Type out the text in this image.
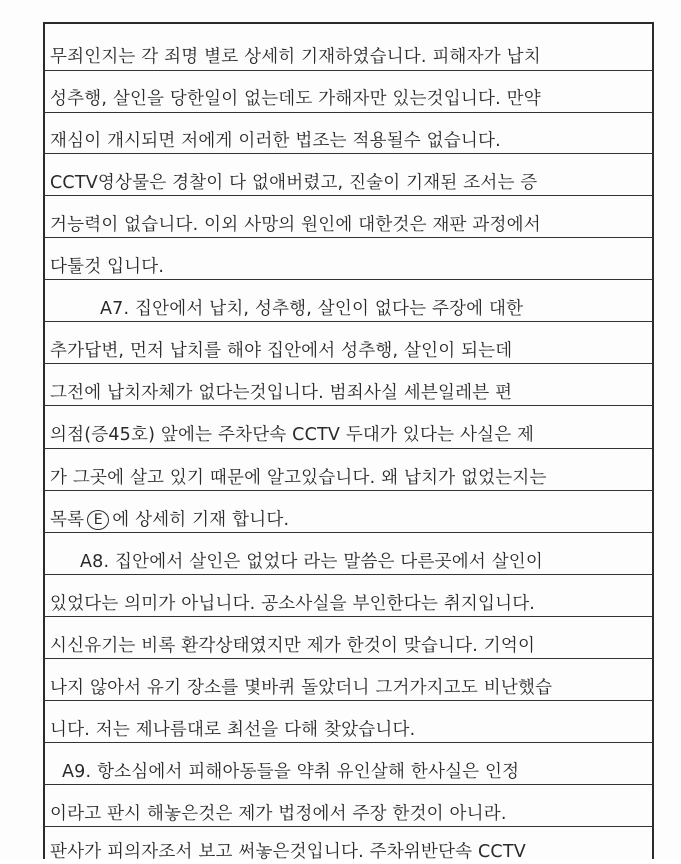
무죄인지는 각 죄명 별로 상세히 기재하였습니다. 피해자가 납치
성추행, 살인을 당한일이 없는데도 가해자만 있는것입니다. 만약
재심이 개시되면 저에게 이러한 법조는 적용될수 없습니다.
CCTV영상물은 경찰이 다 없애버렸고, 진술이 기재된 조서는 증
거능력이 없습니다. 이외 사망의 원인에 대한것은 재판 과정에서
다툴것 입니다.
A7. 집안에서 납치, 성추행, 살인이 없다는 주장에 대한
추가답변, 먼저 납치를 해야 집안에서 성추행, 살인이 되는데
그전에 납치자체가 없다는것입니다. 범죄사실 세븐일레븐 편
의점(증45호) 앞에는 주차단속 CCTV 두대가 있다는 사실은 제
가 그곳에 살고 있기 때문에 알고있습니다. 왜 납치가 없었는지는
목록 E 에 상세히 기재 합니다.
A8. 집안에서 살인은 없었다 라는 말씀은 다른곳에서 살인이
있었다는 의미가 아닙니다. 공소사실을 부인한다는 취지입니다.
시신유기는 비록 환각상태였지만 제가 한것이 맞습니다. 기억이
나지 않아서 유기 장소를 몇바퀴 돌았더니 그거가지고도 비난했습
니다. 저는 제나름대로 최선을 다해 찾았습니다.
A9. 항소심에서 피해아동들을 약취 유인살해 한사실은 인정
이라고 판시 해놓은것은 제가 법정에서 주장 한것이 아니라.
판사가 피의자조서 보고 써놓은것입니다. 주차위반단속 CCTV
